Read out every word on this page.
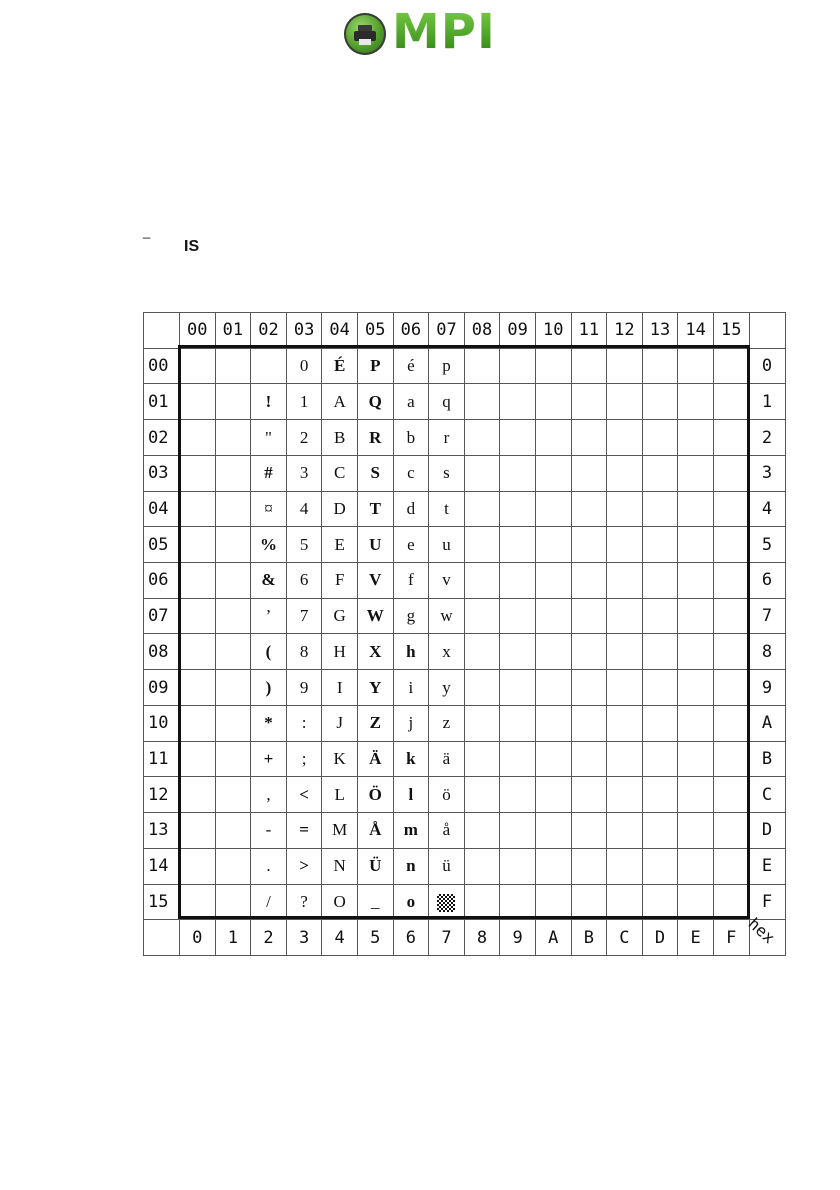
MPI
_
IS
	00	01	02	03	04	05	06	07	08	09	10	11	12	13	14	15	
00				0	É	P	é	p									0
01			!	1	A	Q	a	q									1
02			"	2	B	R	b	r									2
03			#	3	C	S	c	s									3
04			¤	4	D	T	d	t									4
05			%	5	E	U	e	u									5
06			&	6	F	V	f	v									6
07			’	7	G	W	g	w									7
08			(	8	H	X	h	x									8
09			)	9	I	Y	i	y									9
10			*	:	J	Z	j	z									A
11			+	;	K	Ä	k	ä									B
12			,	<	L	Ö	l	ö									C
13			-	=	M	Å	m	å									D
14			.	>	N	Ü	n	ü									E
15			/	?	O	_	o										F
	0	1	2	3	4	5	6	7	8	9	A	B	C	D	E	F	hex
